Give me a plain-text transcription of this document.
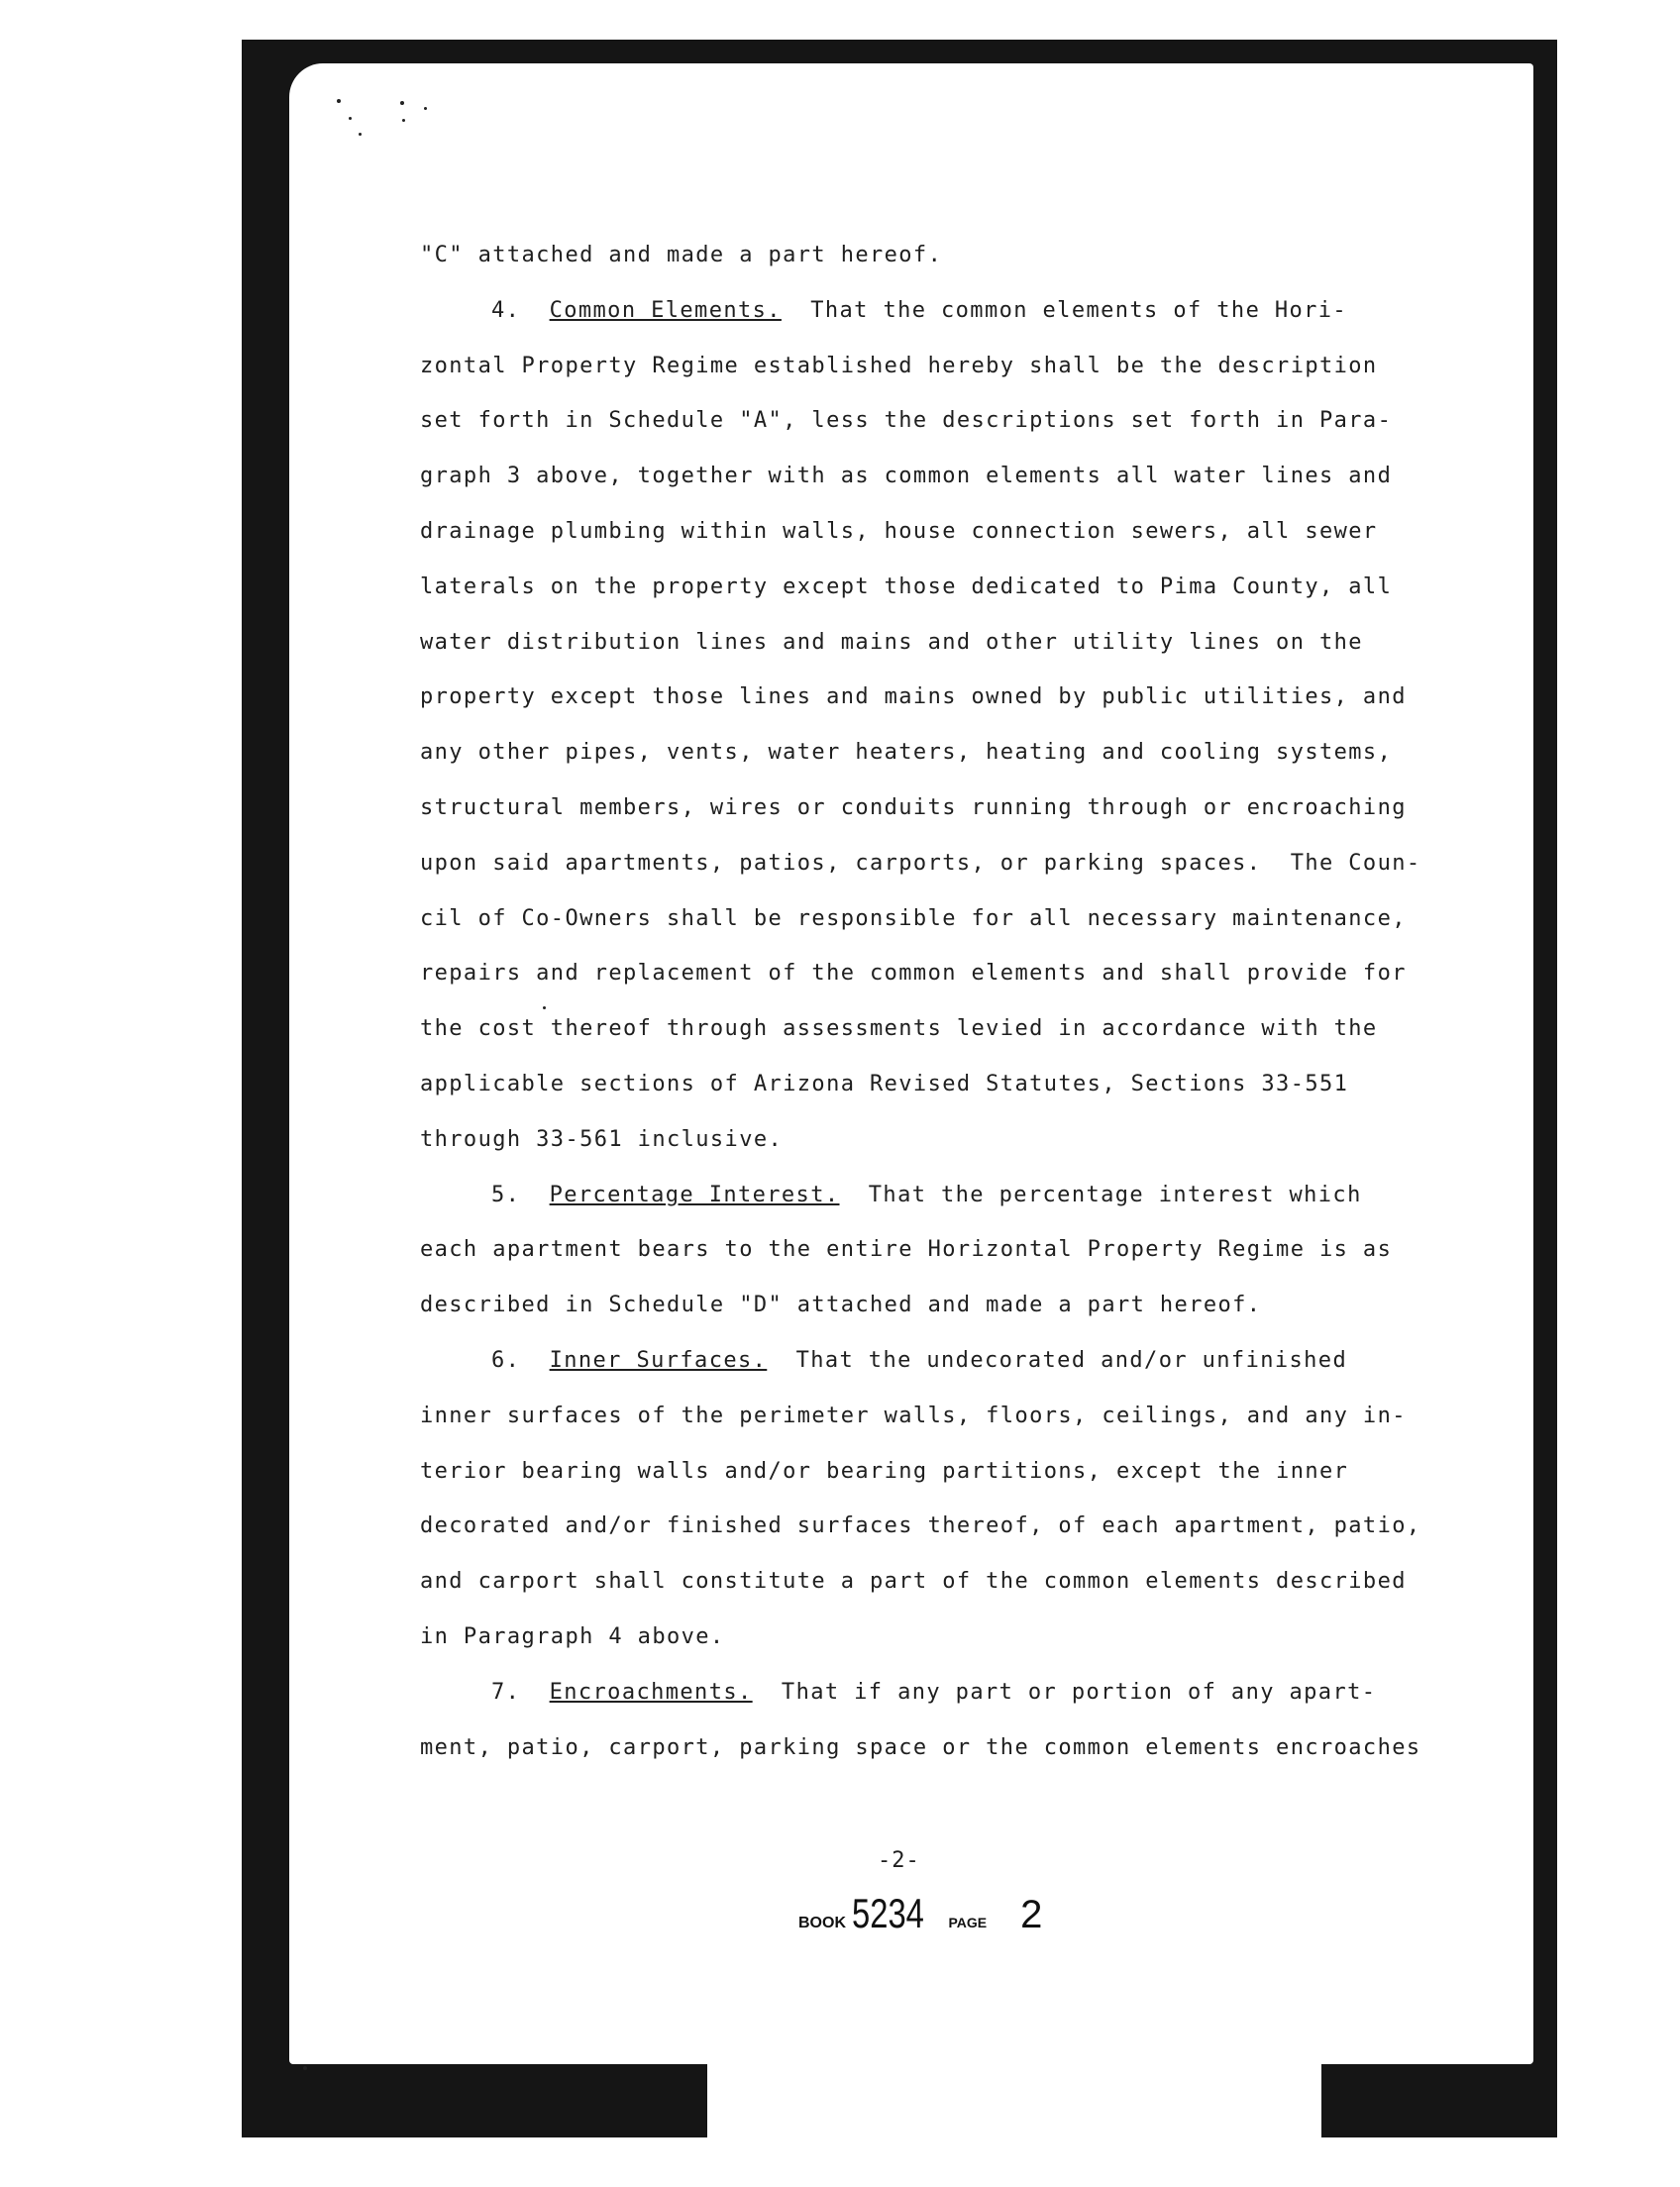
"C" attached and made a part hereof.
4. Common Elements.  That the common elements of the Hori-
zontal Property Regime established hereby shall be the description
set forth in Schedule "A", less the descriptions set forth in Para-
graph 3 above, together with as common elements all water lines and
drainage plumbing within walls, house connection sewers, all sewer
laterals on the property except those dedicated to Pima County, all
water distribution lines and mains and other utility lines on the
property except those lines and mains owned by public utilities, and
any other pipes, vents, water heaters, heating and cooling systems,
structural members, wires or conduits running through or encroaching
upon said apartments, patios, carports, or parking spaces.  The Coun-
cil of Co-Owners shall be responsible for all necessary maintenance,
repairs and replacement of the common elements and shall provide for
the cost thereof through assessments levied in accordance with the
applicable sections of Arizona Revised Statutes, Sections 33-551
through 33-561 inclusive.
5. Percentage Interest.  That the percentage interest which
each apartment bears to the entire Horizontal Property Regime is as
described in Schedule "D" attached and made a part hereof.
6. Inner Surfaces.  That the undecorated and/or unfinished
inner surfaces of the perimeter walls, floors, ceilings, and any in-
terior bearing walls and/or bearing partitions, except the inner
decorated and/or finished surfaces thereof, of each apartment, patio,
and carport shall constitute a part of the common elements described
in Paragraph 4 above.
7. Encroachments.  That if any part or portion of any apart-
ment, patio, carport, parking space or the common elements encroaches
-2-
BOOK 5234 PAGE 2
